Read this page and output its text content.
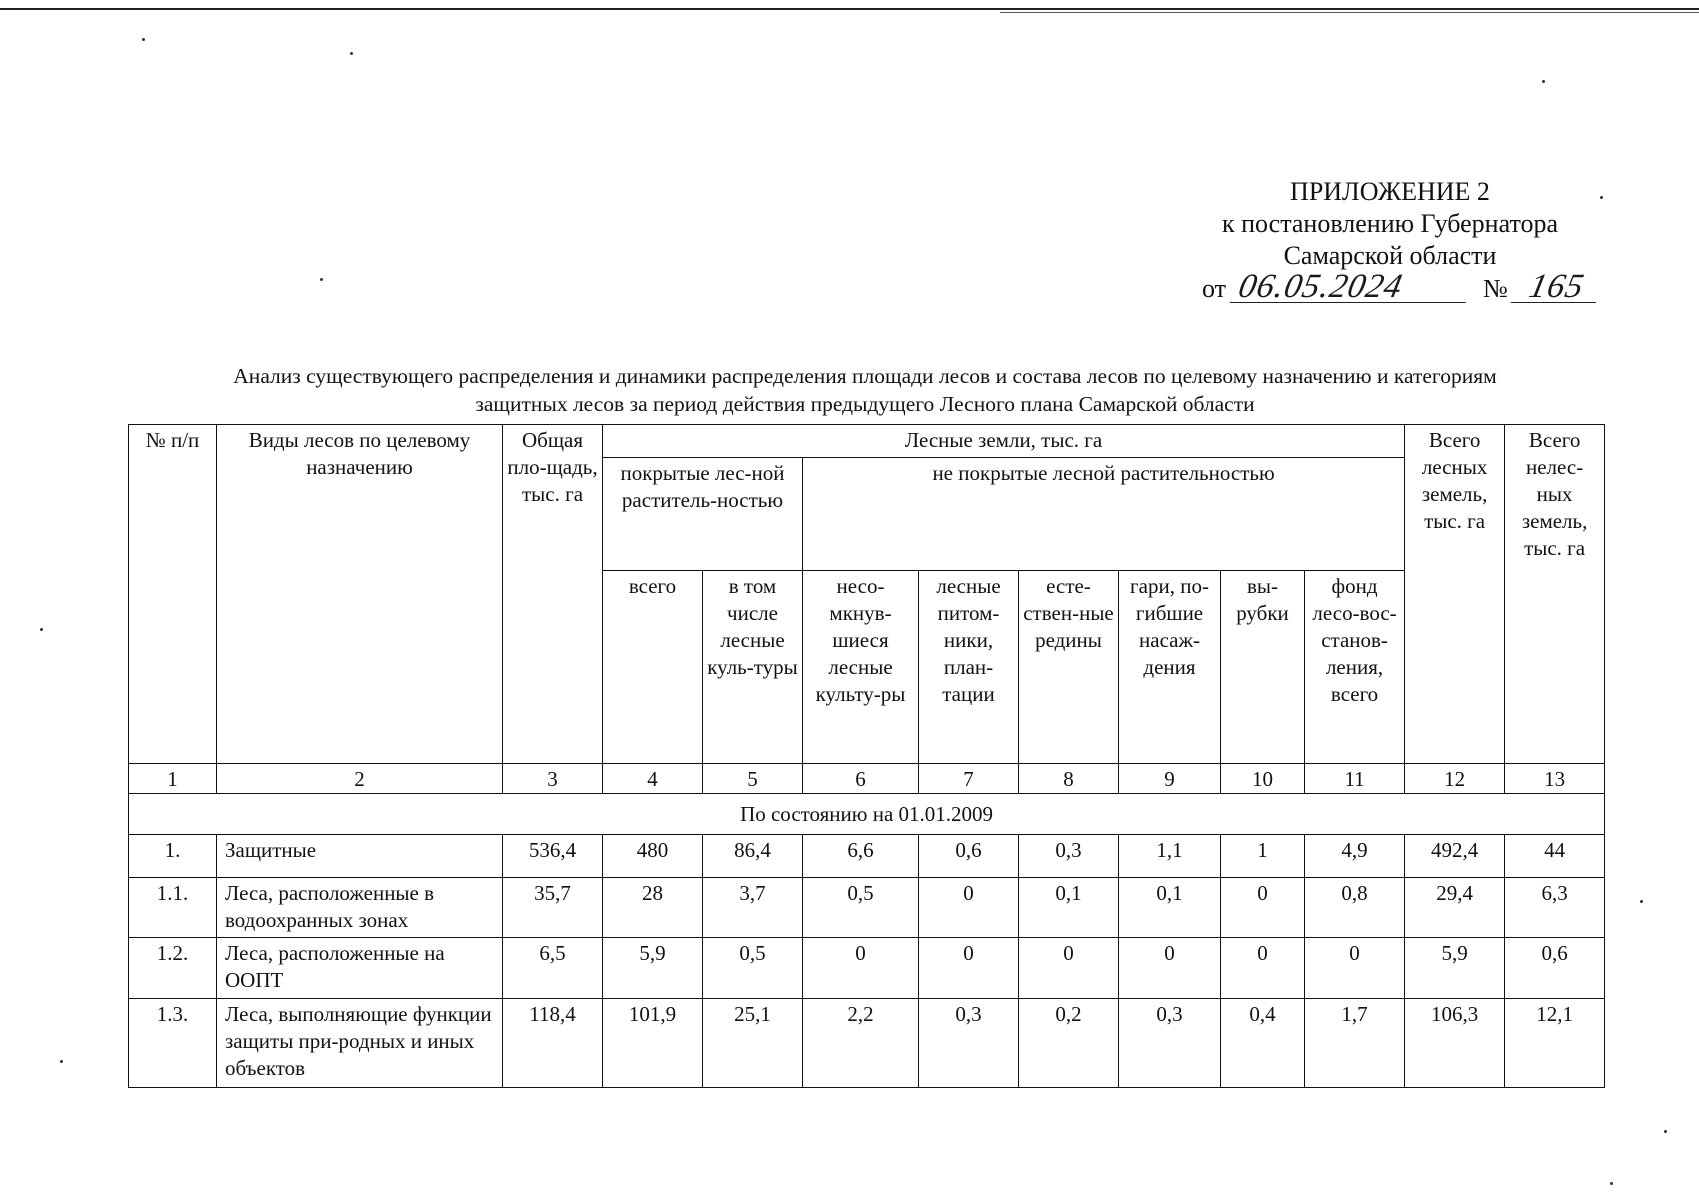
ПРИЛОЖЕНИЕ 2
к постановлению Губернатора
Самарской области
от 06.05.2024	№ 165
Анализ существующего распределения и динамики распределения площади лесов и состава лесов по целевому назначению и категориям
защитных лесов за период действия предыдущего Лесного плана Самарской области
№ п/п	Виды лесов по целевому назначению	Общая пло-щадь, тыс. га	Лесные земли, тыс. га								Всего лесных земель, тыс. га	Всего нелес-ных земель, тыс. га
			покрытые лес-ной раститель-ностью		не покрытые лесной растительностью							
			всего	в том числе лесные куль-туры	несо-мкнув-шиеся лесные культу-ры	лесные питом-ники, план-тации	есте-ствен-ные редины	гари, по-гибшие насаж-дения	вы-рубки	фонд лесо-вос-станов-ления, всего		
1	2	3	4	5	6	7	8	9	10	11	12	13
По состоянию на 01.01.2009												
1.	Защитные	536,4	480	86,4	6,6	0,6	0,3	1,1	1	4,9	492,4	44
1.1.	Леса, расположенные в водоохранных зонах	35,7	28	3,7	0,5	0	0,1	0,1	0	0,8	29,4	6,3
1.2.	Леса, расположенные на ООПТ	6,5	5,9	0,5	0	0	0	0	0	0	5,9	0,6
1.3.	Леса, выполняющие функции защиты при-родных и иных объектов	118,4	101,9	25,1	2,2	0,3	0,2	0,3	0,4	1,7	106,3	12,1
